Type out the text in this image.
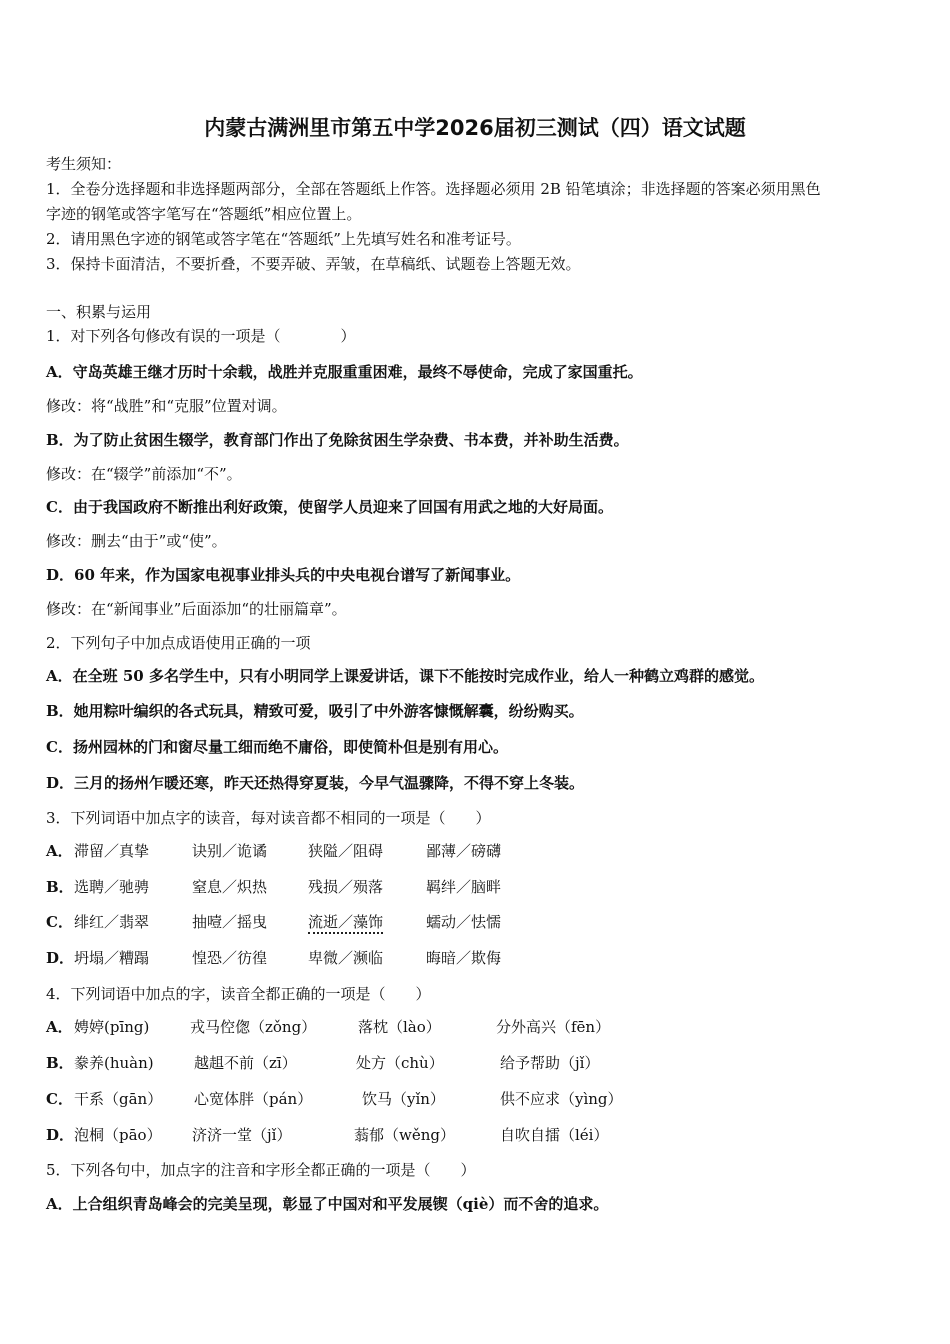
内蒙古满洲里市第五中学2026届初三测试（四）语文试题
考生须知：
1．全卷分选择题和非选择题两部分，全部在答题纸上作答。选择题必须用 2B 铅笔填涂；非选择题的答案必须用黑色
字迹的钢笔或答字笔写在“答题纸”相应位置上。
2．请用黑色字迹的钢笔或答字笔在“答题纸”上先填写姓名和准考证号。
3．保持卡面清洁，不要折叠，不要弄破、弄皱，在草稿纸、试题卷上答题无效。
一、积累与运用
1．对下列各句修改有误的一项是（　　　　）
A．守岛英雄王继才历时十余载，战胜并克服重重困难，最终不辱使命，完成了家国重托。
修改：将“战胜”和“克服”位置对调。
B．为了防止贫困生辍学，教育部门作出了免除贫困生学杂费、书本费，并补助生活费。
修改：在“辍学”前添加“不”。
C．由于我国政府不断推出利好政策，使留学人员迎来了回国有用武之地的大好局面。
修改：删去“由于”或“使”。
D．60 年来，作为国家电视事业排头兵的中央电视台谱写了新闻事业。
修改：在“新闻事业”后面添加“的壮丽篇章”。
2．下列句子中加点成语使用正确的一项
A．在全班 50 多名学生中，只有小明同学上课爱讲话，课下不能按时完成作业，给人一种鹤立鸡群的感觉。
B．她用粽叶编织的各式玩具，精致可爱，吸引了中外游客慷慨解囊，纷纷购买。
C．扬州园林的门和窗尽量工细而绝不庸俗，即使简朴但是别有用心。
D．三月的扬州乍暖还寒，昨天还热得穿夏装，今早气温骤降，不得不穿上冬装。
3．下列词语中加点字的读音，每对读音都不相同的一项是（　　）
A． 滞留／真挚	诀别／诡谲	狭隘／阻碍	鄙薄／磅礴
B． 选聘／驰骋	窒息／炽热	残损／殒落	羁绊／脑畔
C． 绯红／翡翠	抽噎／摇曳	流逝／藻饰	蠕动／怯懦
D． 坍塌／糟蹋	惶恐／彷徨	卑微／濒临	晦暗／欺侮
4．下列词语中加点的字，读音全都正确的一项是（　　）
A． 娉婷(pīng)	戎马倥偬（zǒng）	落枕（lào）	分外高兴（fēn）
B． 豢养(huàn)	越趄不前（zī）	处方（chù）	给予帮助（jǐ）
C． 干系（gān） 心宽体胖（pán）	饮马（yǐn）	供不应求（yìng）
D． 泡桐（pāo） 济济一堂（jǐ）	蓊郁（wěng）	自吹自擂（léi）
5．下列各句中，加点字的注音和字形全都正确的一项是（　　）
A．上合组织青岛峰会的完美呈现，彰显了中国对和平发展锲（qiè）而不舍的追求。
